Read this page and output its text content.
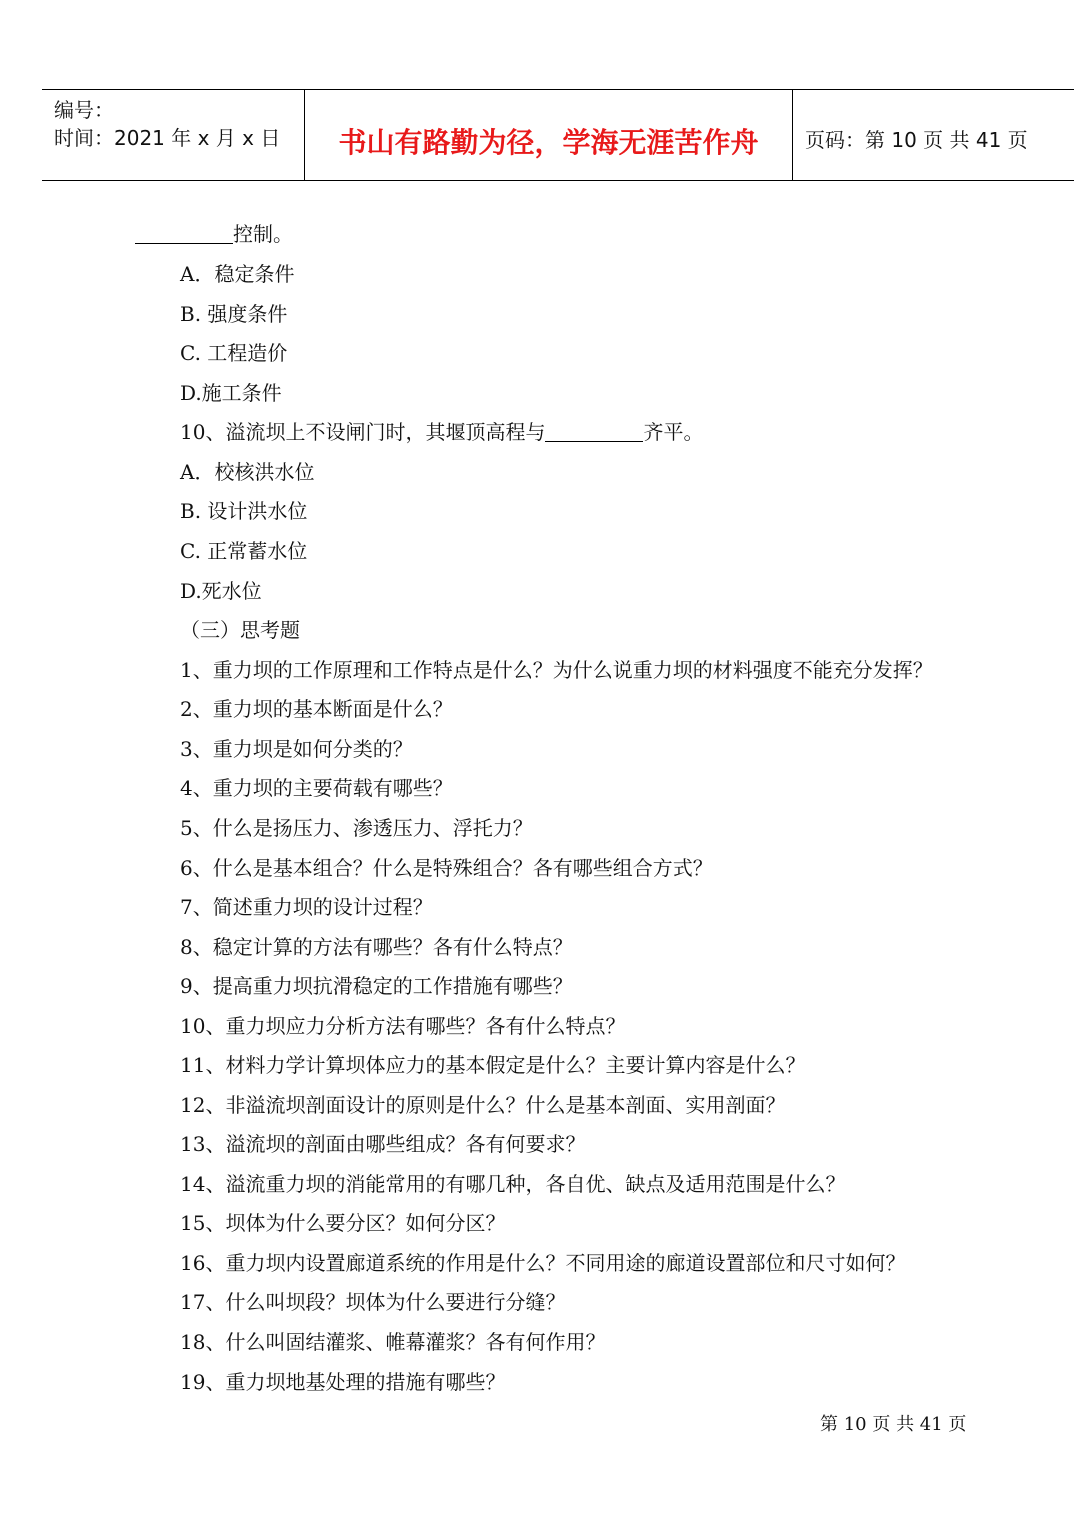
编号：
时间：2021 年 x 月 x 日	书山有路勤为径，学海无涯苦作舟	页码：第 10 页 共 41 页
控制。
A．稳定条件
B. 强度条件
C. 工程造价
D.施工条件
10、溢流坝上不设闸门时，其堰顶高程与	齐平。
A．校核洪水位
B. 设计洪水位
C. 正常蓄水位
D.死水位
（三）思考题
1、重力坝的工作原理和工作特点是什么？为什么说重力坝的材料强度不能充分发挥？
2、重力坝的基本断面是什么？
3、重力坝是如何分类的？
4、重力坝的主要荷载有哪些？
5、什么是扬压力、渗透压力、浮托力？
6、什么是基本组合？什么是特殊组合？各有哪些组合方式？
7、简述重力坝的设计过程？
8、稳定计算的方法有哪些？各有什么特点？
9、提高重力坝抗滑稳定的工作措施有哪些？
10、重力坝应力分析方法有哪些？各有什么特点？
11、材料力学计算坝体应力的基本假定是什么？主要计算内容是什么？
12、非溢流坝剖面设计的原则是什么？什么是基本剖面、实用剖面？
13、溢流坝的剖面由哪些组成？各有何要求？
14、溢流重力坝的消能常用的有哪几种，各自优、缺点及适用范围是什么？
15、坝体为什么要分区？如何分区？
16、重力坝内设置廊道系统的作用是什么？不同用途的廊道设置部位和尺寸如何？
17、什么叫坝段？坝体为什么要进行分缝？
18、什么叫固结灌浆、帷幕灌浆？各有何作用？
19、重力坝地基处理的措施有哪些？
第 10 页 共 41 页
